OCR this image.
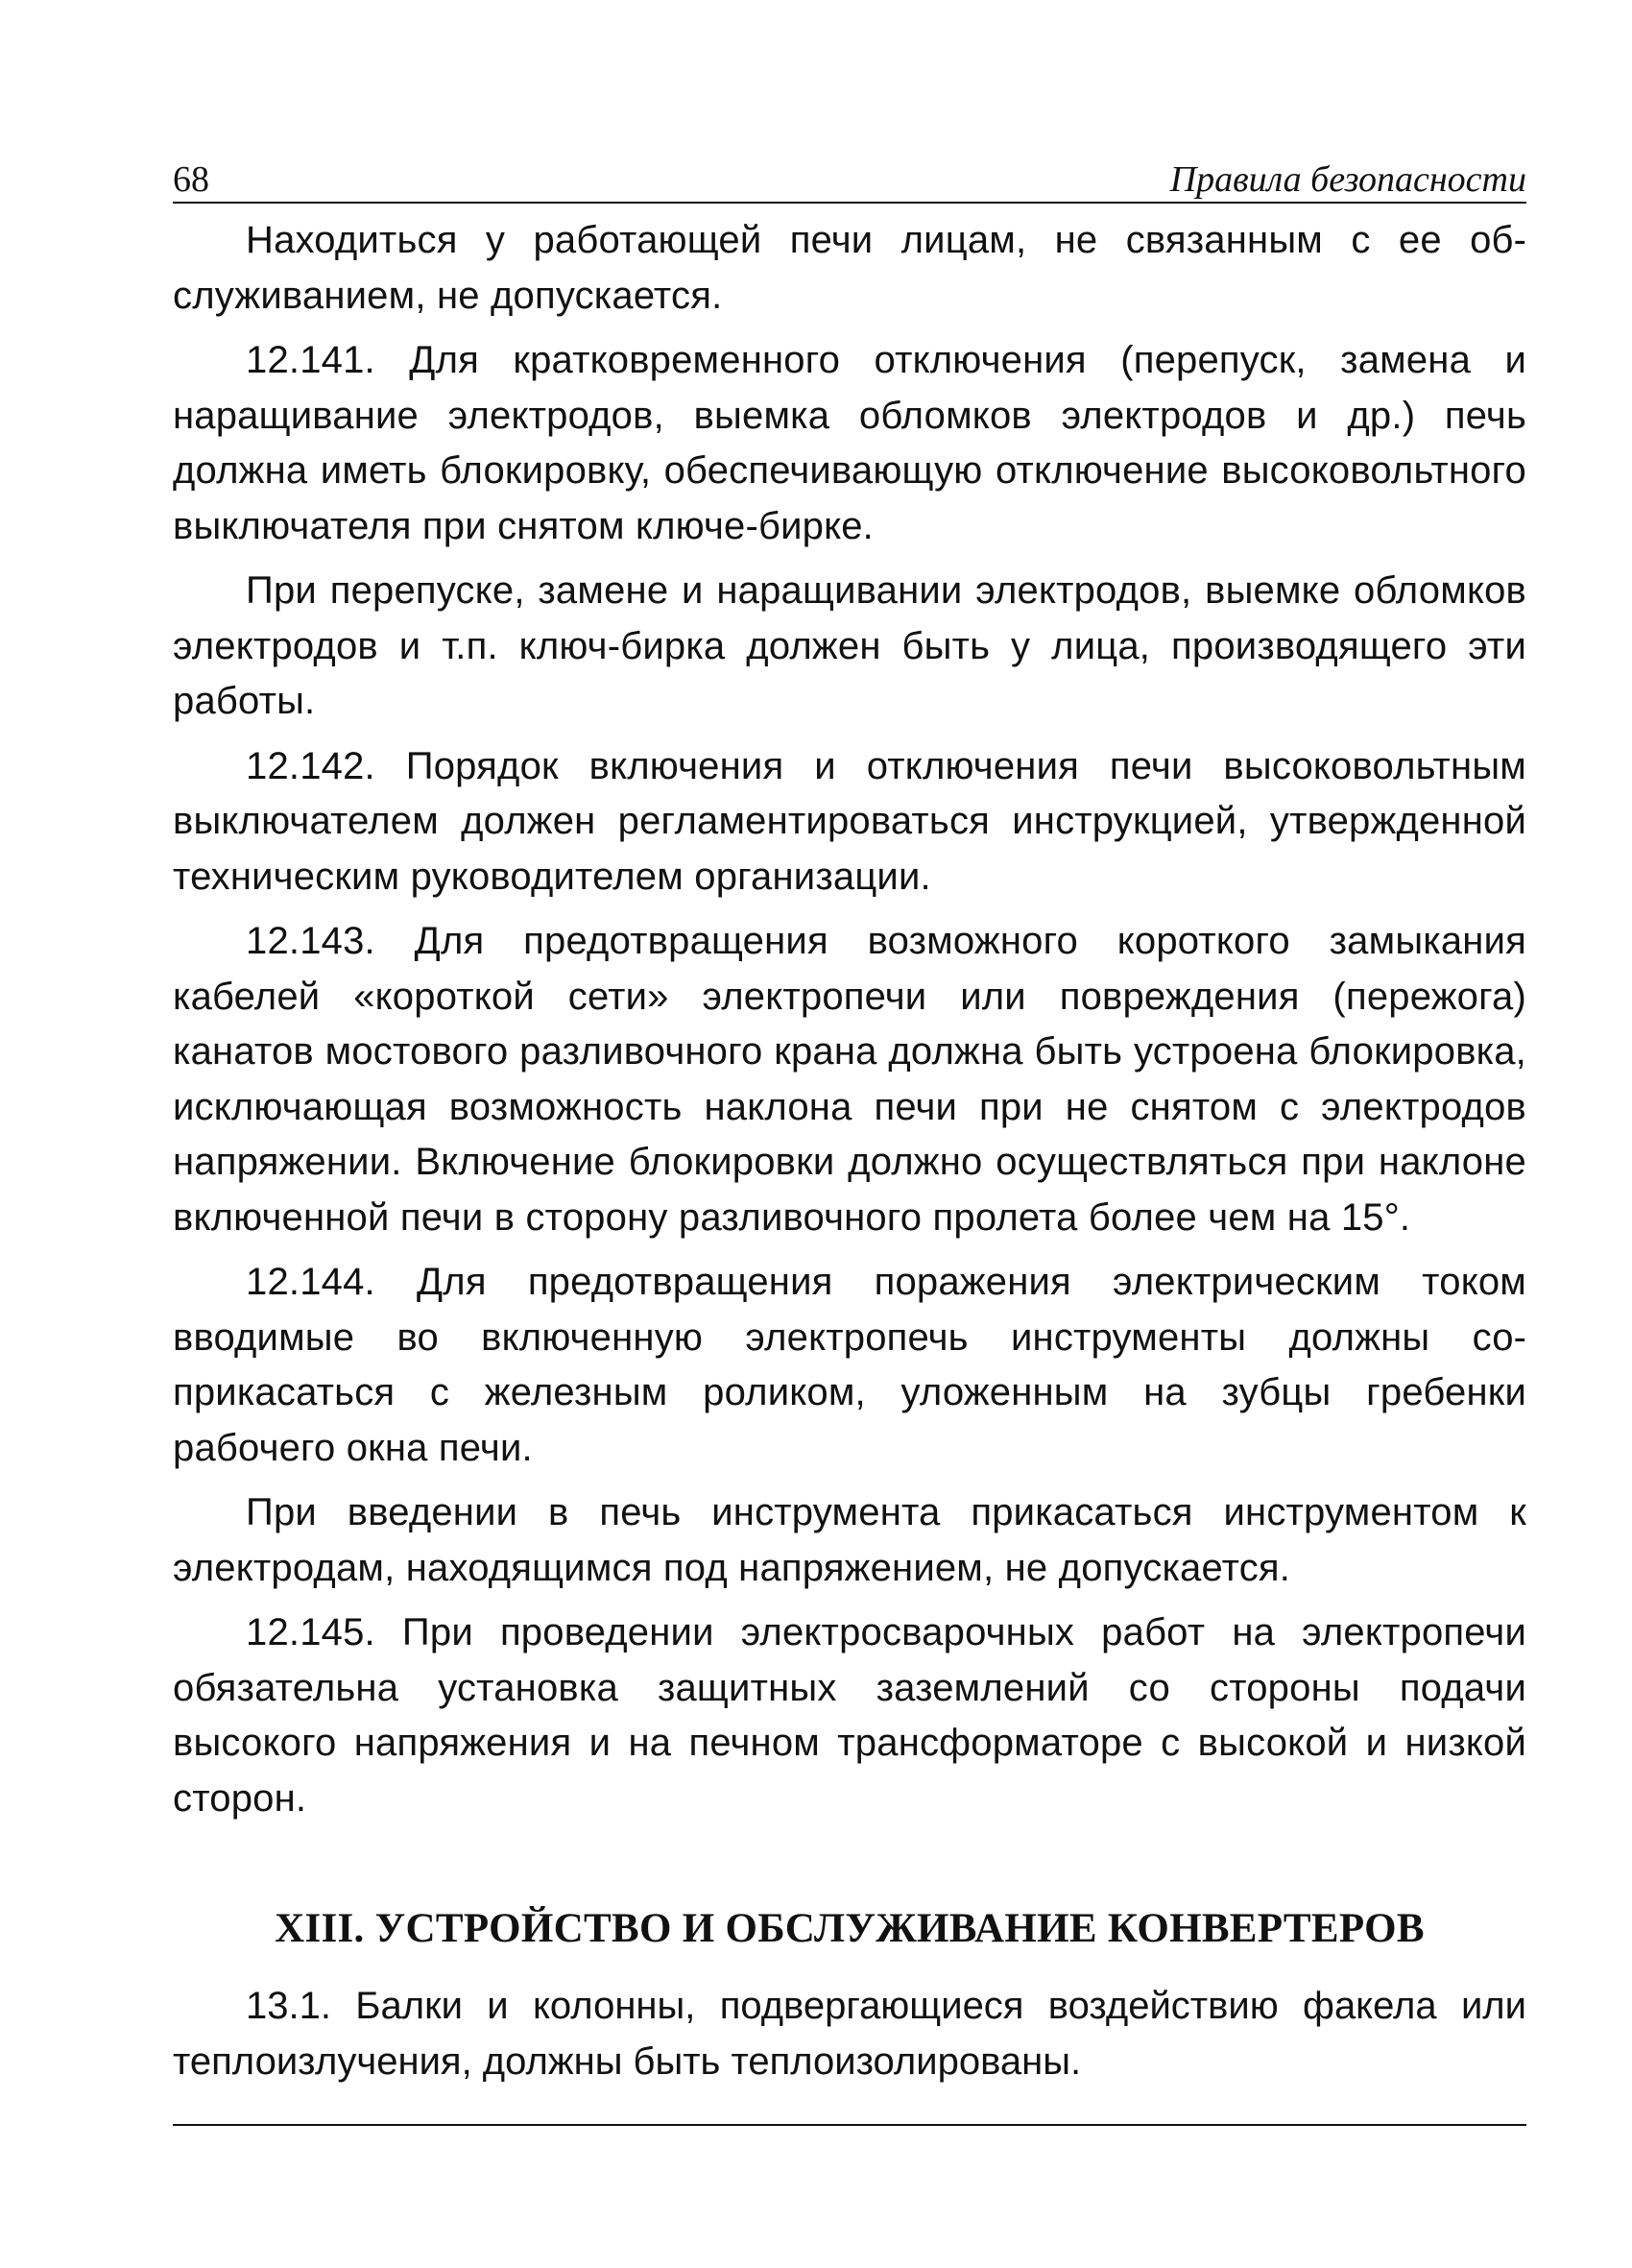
68	Правила безопасности

Находиться у работающей печи лицам, не связанным с ее обслуживанием, не допускается.

12.141. Для кратковременного отключения (перепуск, замена и наращивание электродов, выемка обломков электродов и др.) печь должна иметь блокировку, обеспечивающую отключение высоковольтного выключателя при снятом ключе-бирке.

При перепуске, замене и наращивании электродов, выемке обломков электродов и т.п. ключ-бирка должен быть у лица, производящего эти работы.

12.142. Порядок включения и отключения печи высоковольтным выключателем должен регламентироваться инструкцией, утвержденной техническим руководителем организации.

12.143. Для предотвращения возможного короткого замыкания кабелей «короткой сети» электропечи или повреждения (пережога) канатов мостового разливочного крана должна быть устроена блокировка, исключающая возможность наклона печи при не снятом с электродов напряжении. Включение блокировки должно осуществляться при наклоне включенной печи в сторону разливочного пролета более чем на 15°.

12.144. Для предотвращения поражения электрическим током вводимые во включенную электропечь инструменты должны соприкасаться с железным роликом, уложенным на зубцы гребенки рабочего окна печи.

При введении в печь инструмента прикасаться инструментом к электродам, находящимся под напряжением, не допускается.

12.145. При проведении электросварочных работ на электропечи обязательна установка защитных заземлений со стороны подачи высокого напряжения и на печном трансформаторе с высокой и низкой сторон.

XIII. УСТРОЙСТВО И ОБСЛУЖИВАНИЕ КОНВЕРТЕРОВ

13.1. Балки и колонны, подвергающиеся воздействию факела или теплоизлучения, должны быть теплоизолированы.
